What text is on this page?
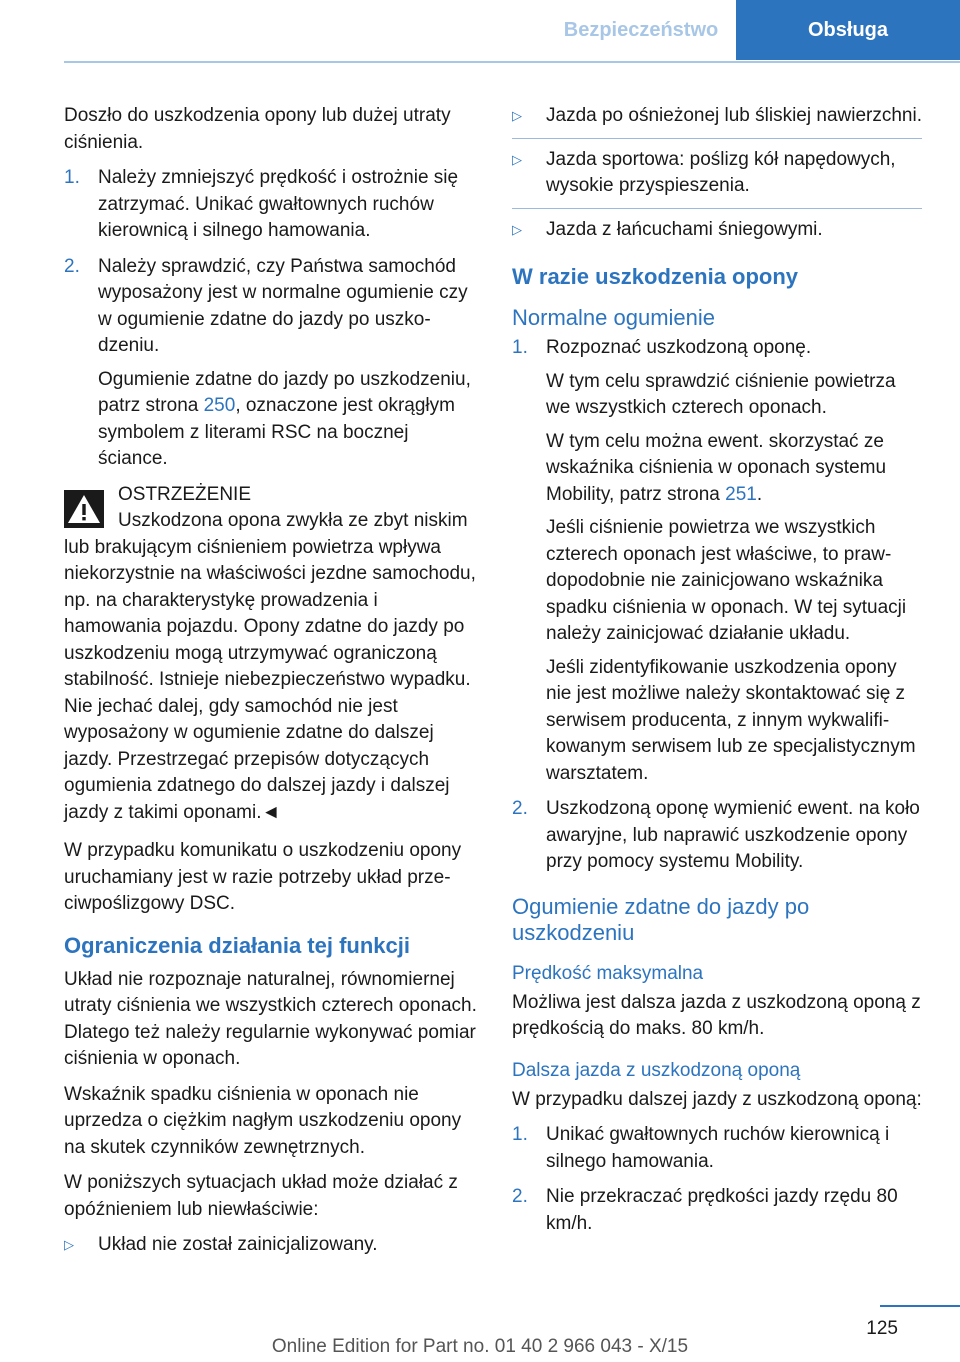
Bezpieczeństwo	Obsługa

Doszło do uszkodzenia opony lub dużej utraty ciśnienia.

1. Należy zmniejszyć prędkość i ostrożnie się zatrzymać. Unikać gwałtownych ruchów kierownicą i silnego hamowania.

2. Należy sprawdzić, czy Państwa samochód wyposażony jest w normalne ogumienie czy w ogumienie zdatne do jazdy po uszkodzeniu.

Ogumienie zdatne do jazdy po uszkodzeniu, patrz strona 250, oznaczone jest okrągłym symbolem z literami RSC na bocznej ściance.

OSTRZEŻENIE

Uszkodzona opona zwykła ze zbyt niskim

lub brakującym ciśnieniem powietrza wpływa niekorzystnie na właściwości jezdne samochodu, np. na charakterystykę prowadzenia i hamowania pojazdu. Opony zdatne do jazdy po uszkodzeniu mogą utrzymywać ograniczoną stabilność. Istnieje niebezpieczeństwo wypadku. Nie jechać dalej, gdy samochód nie jest wyposażony w ogumienie zdatne do dalszej jazdy. Przestrzegać przepisów dotyczących ogumienia zdatnego do dalszej jazdy i dalszej jazdy z takimi oponami.◄

W przypadku komunikatu o uszkodzeniu opony uruchamiany jest w razie potrzeby układ przeciwpoślizgowy DSC.

Ograniczenia działania tej funkcji

Układ nie rozpoznaje naturalnej, równomiernej utraty ciśnienia we wszystkich czterech oponach. Dlatego też należy regularnie wykonywać pomiar ciśnienia w oponach.

Wskaźnik spadku ciśnienia w oponach nie uprzedza o ciężkim nagłym uszkodzeniu opony na skutek czynników zewnętrznych.

W poniższych sytuacjach układ może działać z opóźnieniem lub niewłaściwie:

▷ Układ nie został zainicjalizowany.
▷ Jazda po ośnieżonej lub śliskiej nawierzchni.
▷ Jazda sportowa: poślizg kół napędowych, wysokie przyspieszenia.
▷ Jazda z łańcuchami śniegowymi.
W razie uszkodzenia opony
Normalne ogumienie
1. Rozpoznać uszkodzoną oponę.

W tym celu sprawdzić ciśnienie powietrza we wszystkich czterech oponach.

W tym celu można ewent. skorzystać ze wskaźnika ciśnienia w oponach systemu Mobility, patrz strona 251.

Jeśli ciśnienie powietrza we wszystkich czterech oponach jest właściwe, to prawdopodobnie nie zainicjowano wskaźnika spadku ciśnienia w oponach. W tej sytuacji należy zainicjować działanie układu.

Jeśli zidentyfikowanie uszkodzenia opony nie jest możliwe należy skontaktować się z serwisem producenta, z innym wykwalifikowanym serwisem lub ze specjalistycznym warsztatem.

2. Uszkodzoną oponę wymienić ewent. na koło awaryjne, lub naprawić uszkodzenie opony przy pomocy systemu Mobility.

Ogumienie zdatne do jazdy po uszkodzeniu
Prędkość maksymalna

Możliwa jest dalsza jazda z uszkodzoną oponą z prędkością do maks. 80 km/h.

Dalsza jazda z uszkodzoną oponą

W przypadku dalszej jazdy z uszkodzoną oponą:

1. Unikać gwałtownych ruchów kierownicą i silnego hamowania.

2. Nie przekraczać prędkości jazdy rzędu 80 km/h.

125
Online Edition for Part no. 01 40 2 966 043 - X/15
